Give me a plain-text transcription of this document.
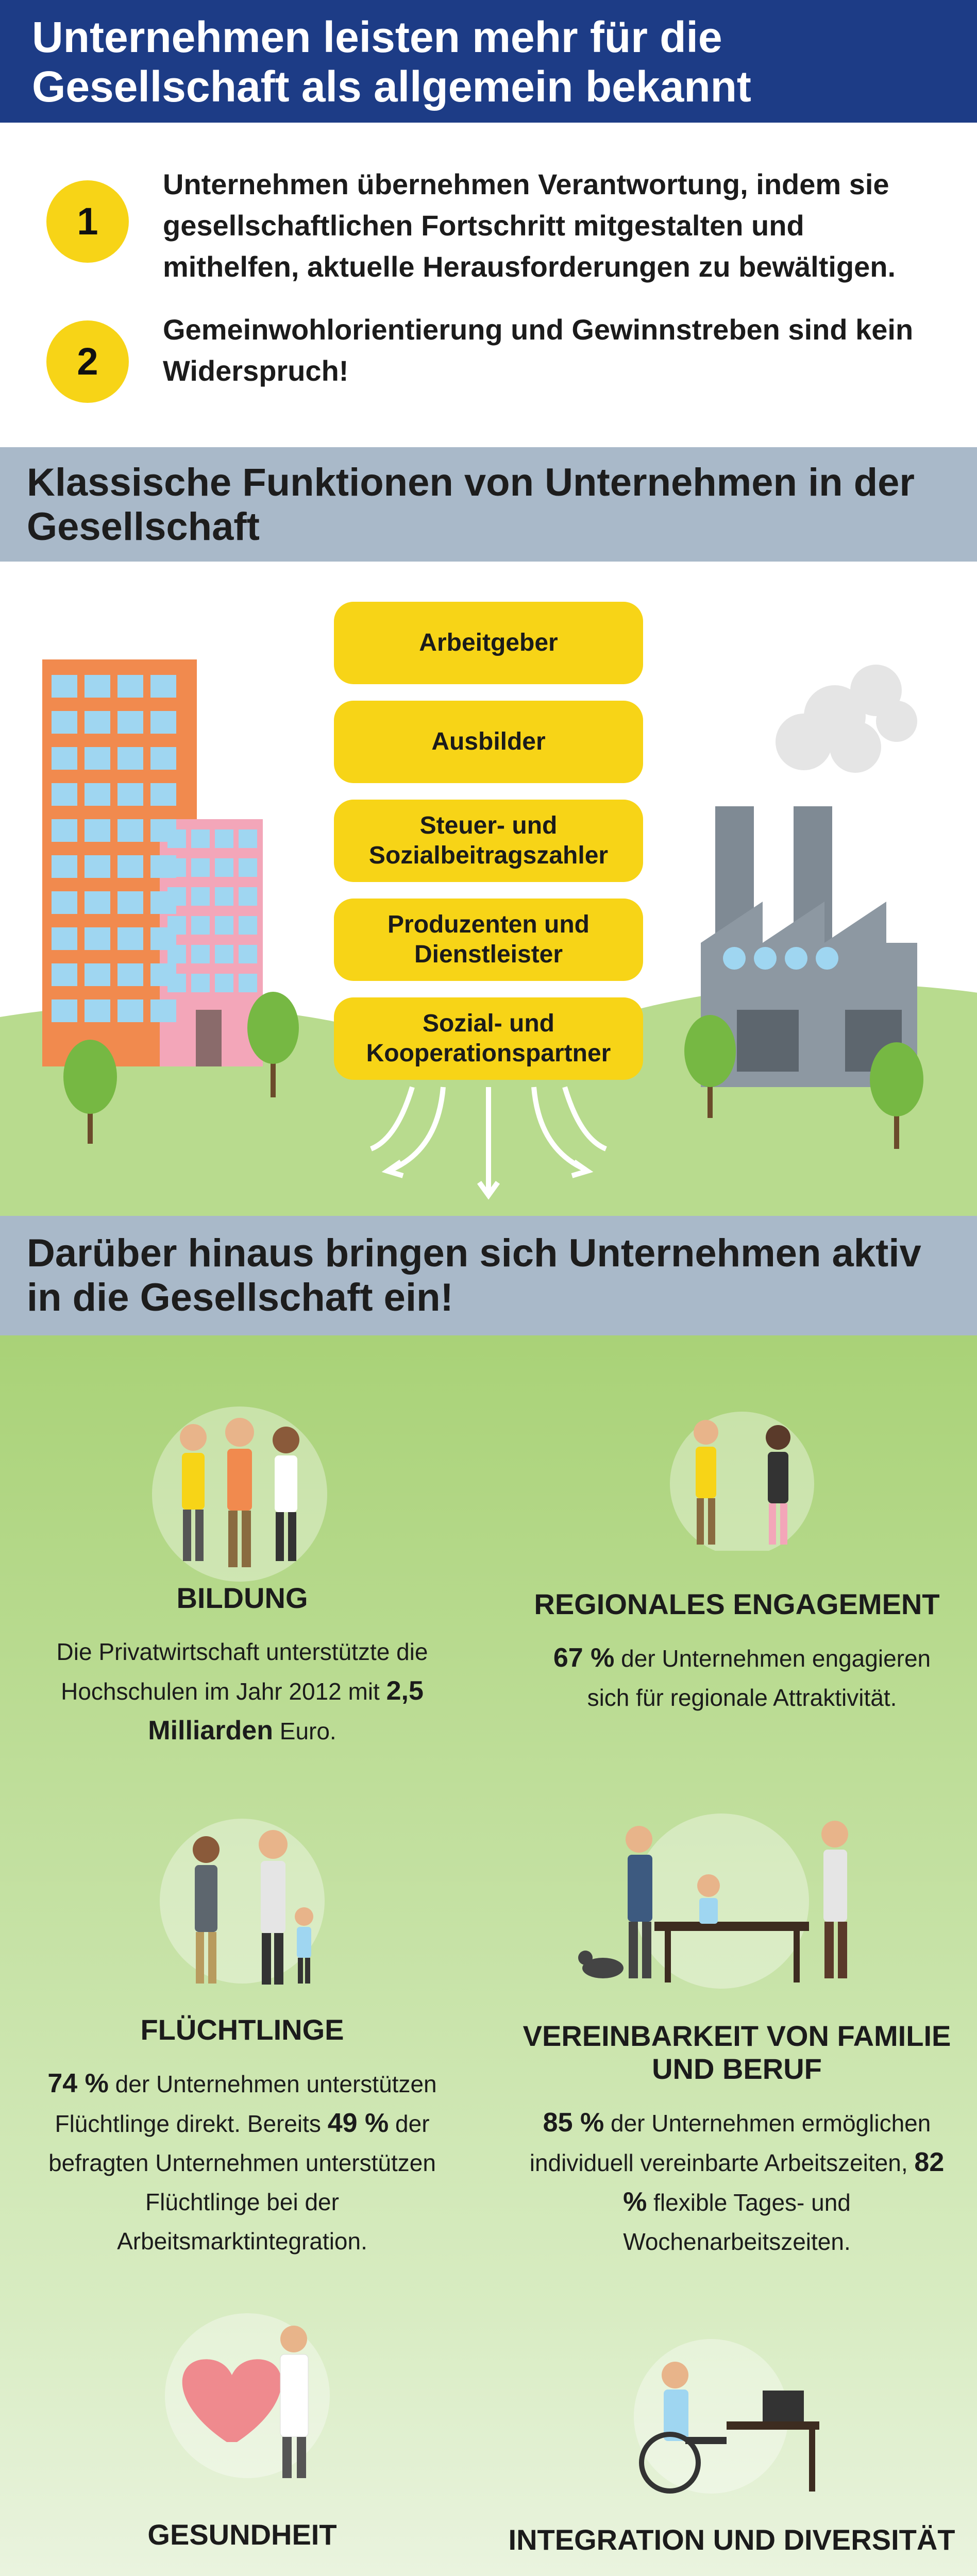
Unternehmen leisten mehr für die Gesellschaft als allgemein bekannt
1
Unternehmen übernehmen Verantwortung, indem sie gesellschaftlichen Fortschritt mitgestalten und mithelfen, aktuelle Herausforderungen zu bewältigen.
2
Gemeinwohlorientierung und Gewinnstreben sind kein Widerspruch!
Klassische Funktionen von Unternehmen in der Gesellschaft
Arbeitgeber
Ausbilder
Steuer- und Sozialbeitragszahler
Produzenten und Dienstleister
Sozial- und Kooperationspartner
Darüber hinaus bringen sich Unternehmen aktiv in die Gesellschaft ein!
BILDUNG
Die Privatwirtschaft unterstützte die Hochschulen im Jahr 2012 mit 2,5 Milliarden Euro.
REGIONALES ENGAGEMENT
67 % der Unternehmen engagieren sich für regionale Attraktivität.
FLÜCHTLINGE
74 % der Unternehmen unterstützen Flüchtlinge direkt. Bereits 49 % der befragten Unternehmen unterstützen Flüchtlinge bei der Arbeitsmarktintegration.
VEREINBARKEIT VON FAMILIE UND BERUF
85 % der Unternehmen ermöglichen individuell vereinbarte Arbeitszeiten, 82 % flexible Tages- und Wochenarbeitszeiten.
GESUNDHEIT	INTEGRATION UND DIVERSITÄT
